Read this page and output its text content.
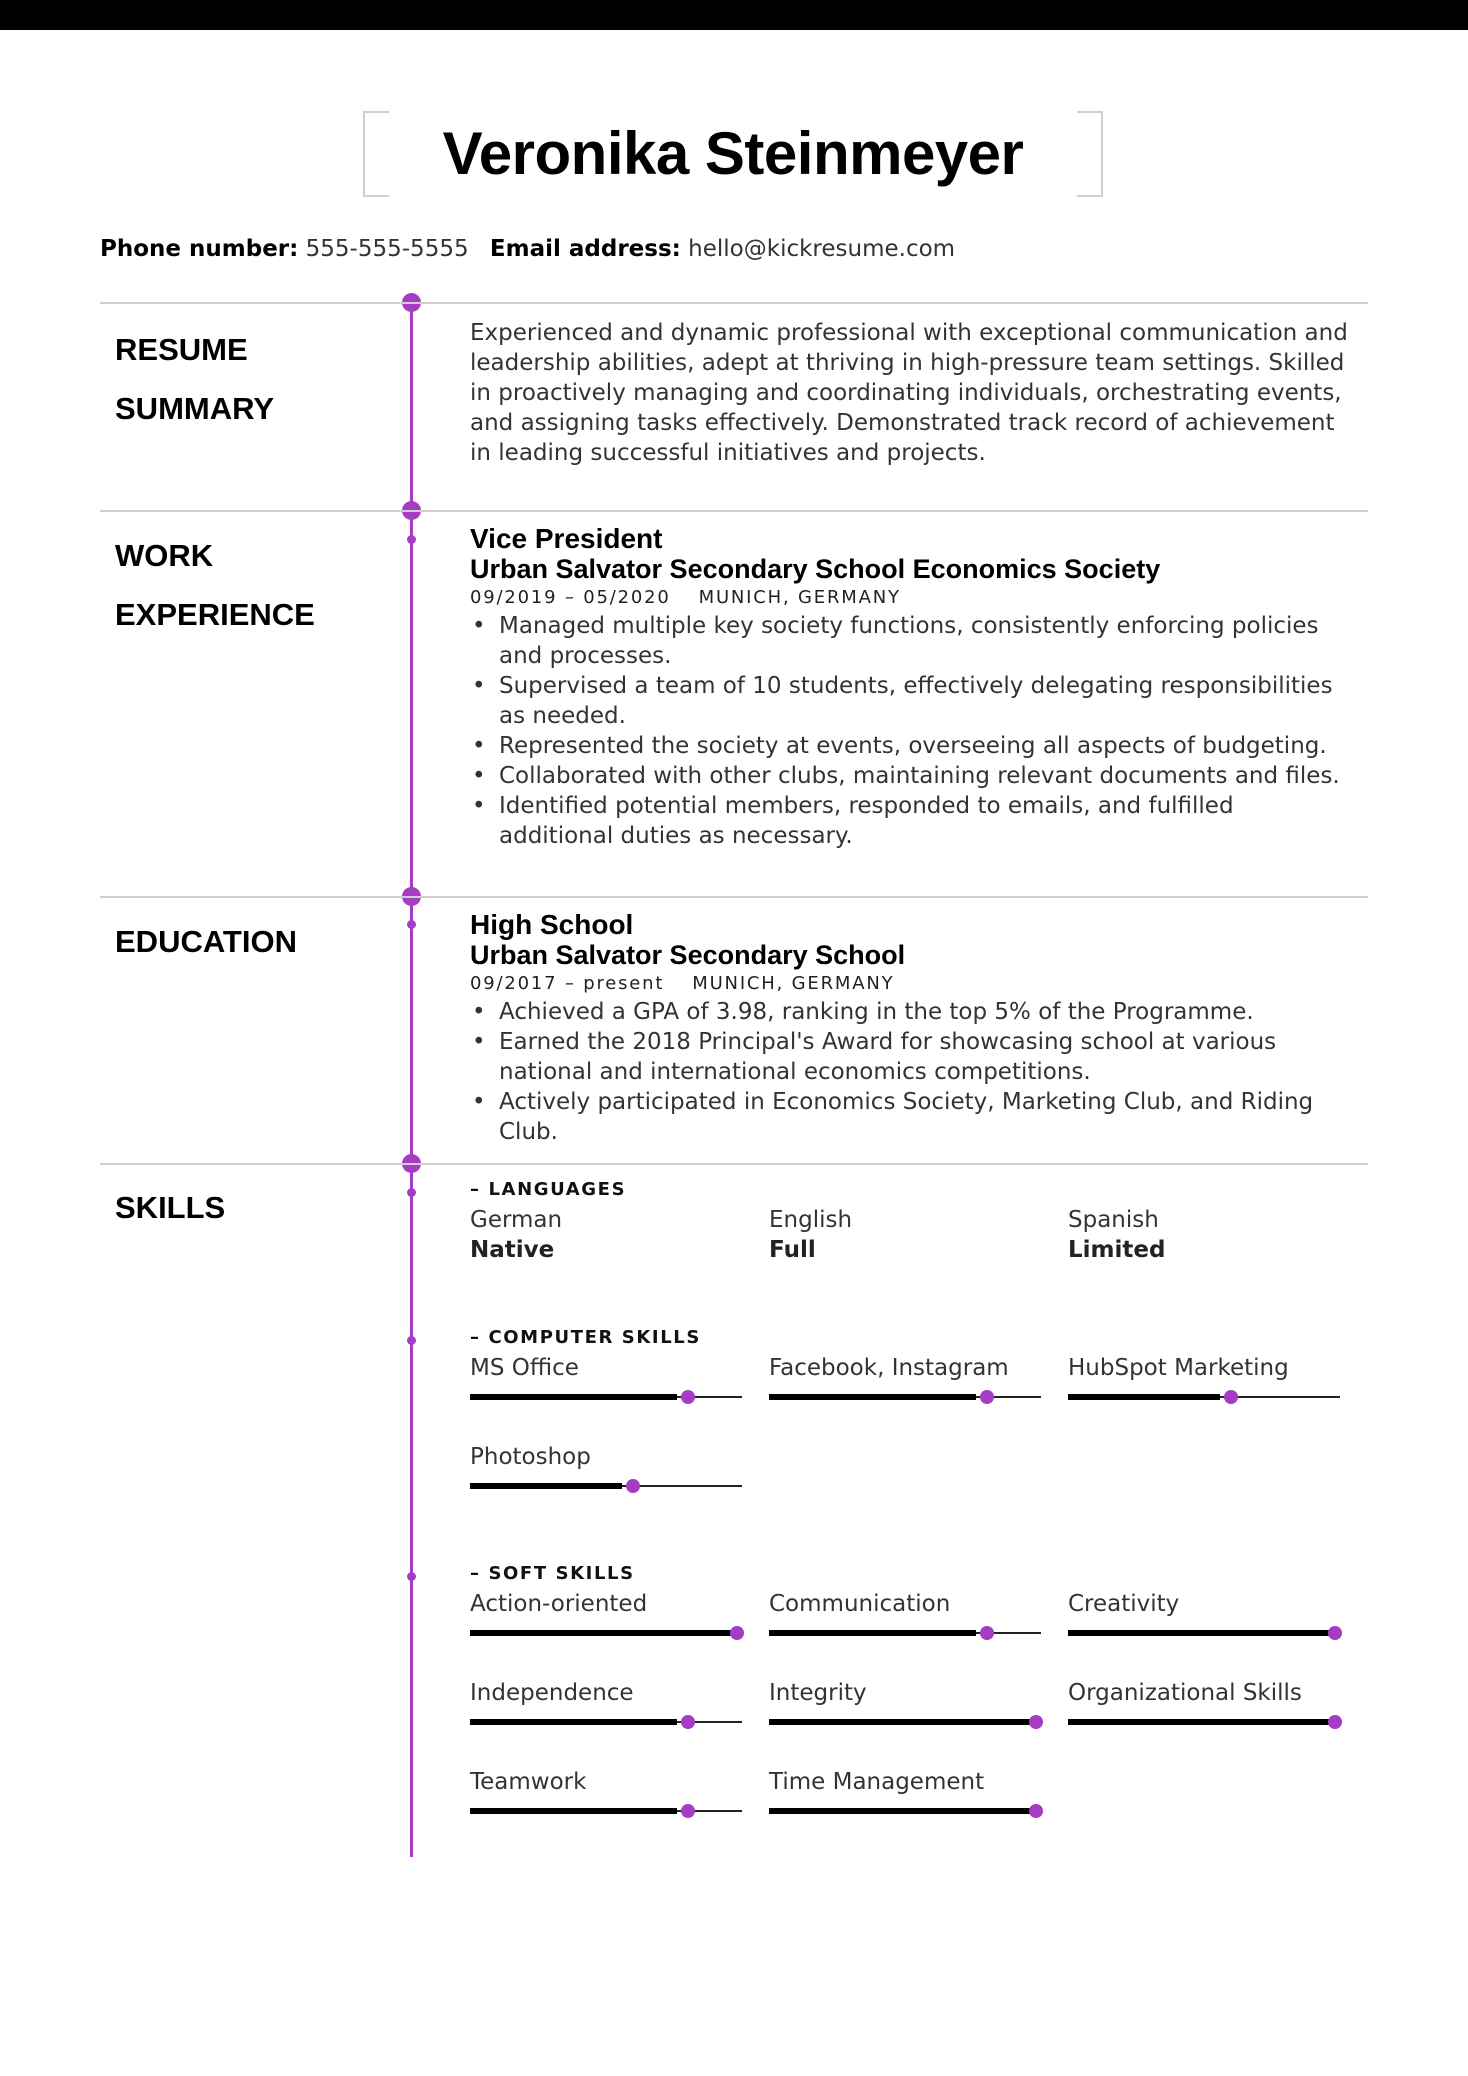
Veronika Steinmeyer
Phone number: 555-555-5555 Email address: hello@kickresume.com
RESUME
SUMMARY
Experienced and dynamic professional with exceptional communication and leadership abilities, adept at thriving in high-pressure team settings. Skilled in proactively managing and coordinating individuals, orchestrating events, and assigning tasks effectively. Demonstrated track record of achievement in leading successful initiatives and projects.
WORK
EXPERIENCE
Vice President
Urban Salvator Secondary School Economics Society
09/2019 – 05/2020 MUNICH, GERMANY
• Managed multiple key society functions, consistently enforcing policies and processes.
• Supervised a team of 10 students, effectively delegating responsibilities as needed.
• Represented the society at events, overseeing all aspects of budgeting.
• Collaborated with other clubs, maintaining relevant documents and files.
• Identified potential members, responded to emails, and fulfilled additional duties as necessary.
EDUCATION	High School
Urban Salvator Secondary School
09/2017 – present MUNICH, GERMANY
• Achieved a GPA of 3.98, ranking in the top 5% of the Programme.
• Earned the 2018 Principal's Award for showcasing school at various national and international economics competitions.
• Actively participated in Economics Society, Marketing Club, and Riding Club.
SKILLS
– LANGUAGES
German
Native
English
Full
Spanish
Limited
– COMPUTER SKILLS
MS Office	Facebook, Instagram	HubSpot Marketing
Photoshop
– SOFT SKILLS
Action-oriented	Communication	Creativity
Independence	Integrity	Organizational Skills
Teamwork	Time Management
